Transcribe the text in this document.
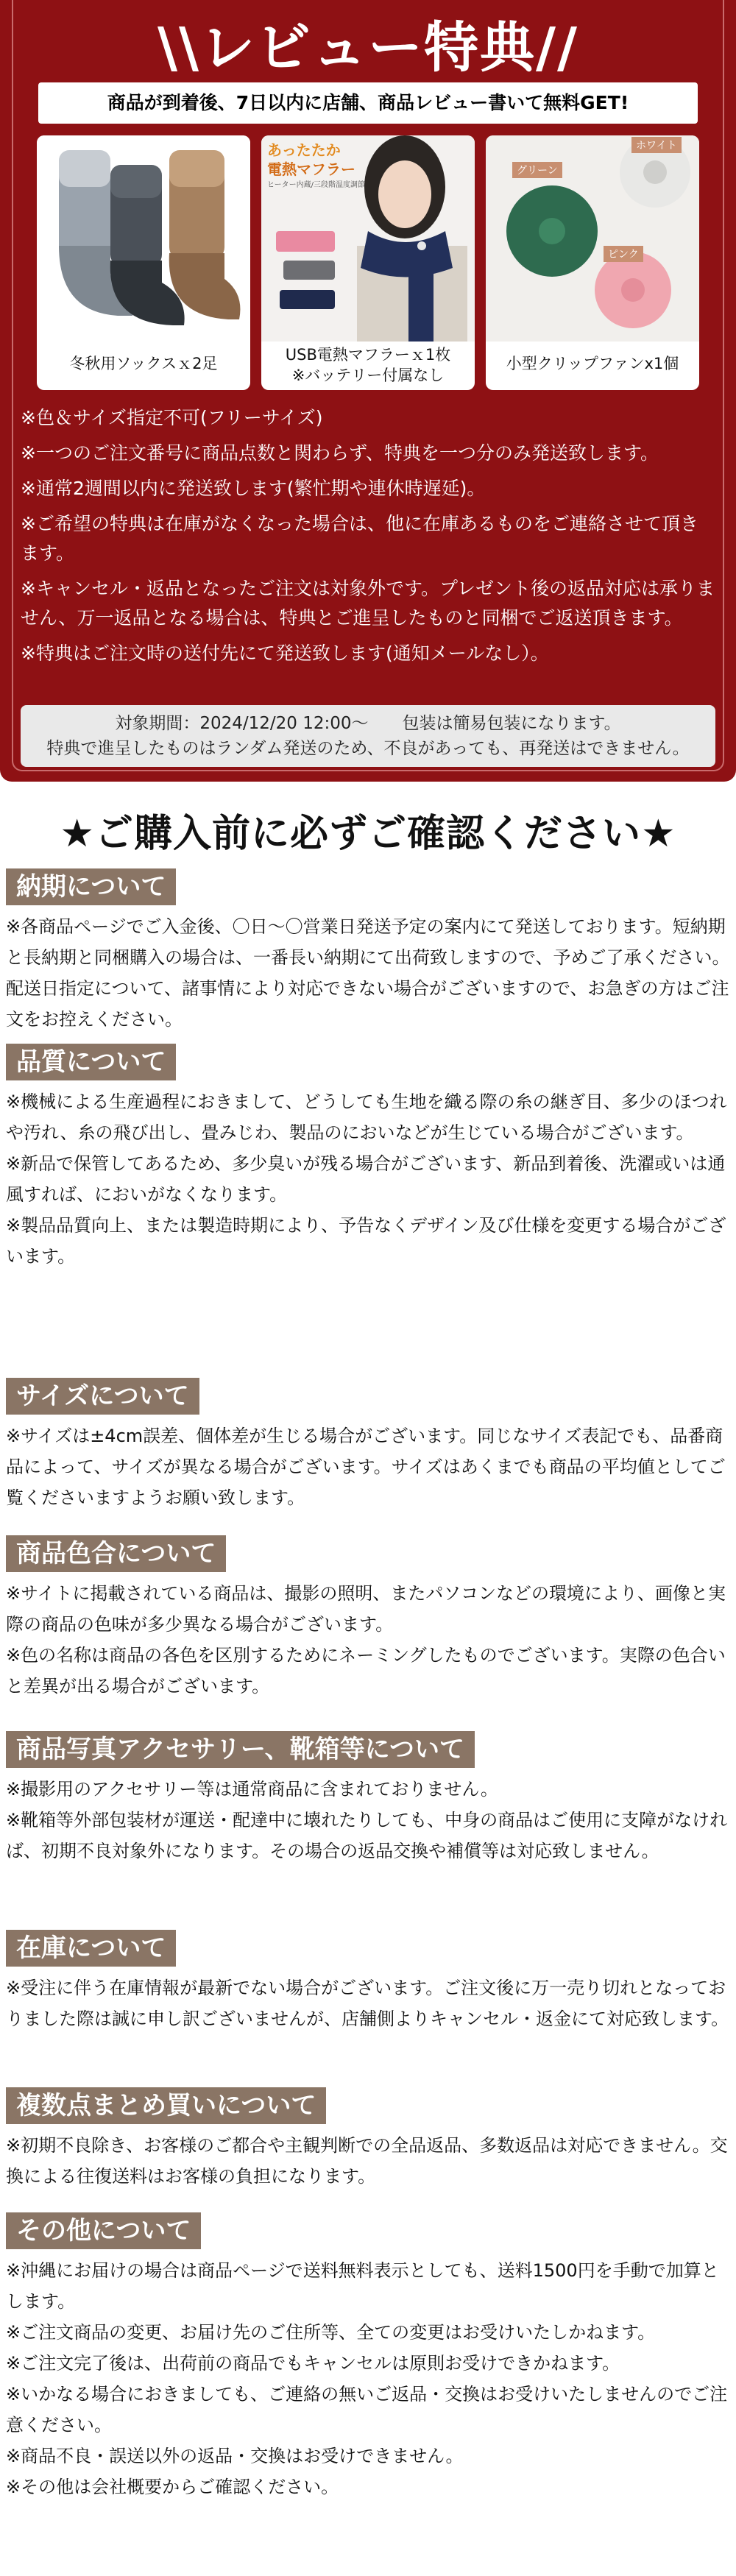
\\レビュー特典//
商品が到着後、7日以内に店舗、商品レビュー書いて無料GET!
冬秋用ソックスｘ2足
あったたか
電熱マフラー
ヒーター内蔵/三段階温度調節
USB電熱マフラーｘ1枚
※バッテリー付属なし
ホワイト
グリーン
ピンク
小型クリップファンx1個

※色＆サイズ指定不可(フリーサイズ)

※一つのご注文番号に商品点数と関わらず、特典を一つ分のみ発送致します。

※通常2週間以内に発送致します(繁忙期や連休時遅延)。

※ご希望の特典は在庫がなくなった場合は、他に在庫あるものをご連絡させて頂きます。

※キャンセル・返品となったご注文は対象外です。プレゼント後の返品対応は承りません、万一返品となる場合は、特典とご進呈したものと同梱でご返送頂きます。

※特典はご注文時の送付先にて発送致します(通知メールなし）。

対象期間：2024/12/20 12:00～　　包装は簡易包装になります。
特典で進呈したものはランダム発送のため、不良があっても、再発送はできません。
★ご購入前に必ずご確認ください★
納期について

※各商品ページでご入金後、〇日～〇営業日発送予定の案内にて発送しております。短納期と長納期と同梱購入の場合は、一番長い納期にて出荷致しますので、予めご了承ください。配送日指定について、諸事情により対応できない場合がございますので、お急ぎの方はご注文をお控えください。

品質について

※機械による生産過程におきまして、どうしても生地を織る際の糸の継ぎ目、多少のほつれや汚れ、糸の飛び出し、畳みじわ、製品のにおいなどが生じている場合がございます。

※新品で保管してあるため、多少臭いが残る場合がございます、新品到着後、洗濯或いは通風すれば、においがなくなります。

※製品品質向上、または製造時期により、予告なくデザイン及び仕様を変更する場合がございます。

サイズについて

※サイズは±4cm誤差、個体差が生じる場合がございます。同じなサイズ表記でも、品番商品によって、サイズが異なる場合がございます。サイズはあくまでも商品の平均値としてご覧くださいますようお願い致します。

商品色合について

※サイトに掲載されている商品は、撮影の照明、またパソコンなどの環境により、画像と実際の商品の色味が多少異なる場合がございます。

※色の名称は商品の各色を区別するためにネーミングしたものでございます。実際の色合いと差異が出る場合がございます。

商品写真アクセサリー、靴箱等について

※撮影用のアクセサリー等は通常商品に含まれておりません。

※靴箱等外部包装材が運送・配達中に壊れたりしても、中身の商品はご使用に支障がなければ、初期不良対象外になります。その場合の返品交換や補償等は対応致しません。

在庫について

※受注に伴う在庫情報が最新でない場合がございます。ご注文後に万一売り切れとなっておりました際は誠に申し訳ございませんが、店舗側よりキャンセル・返金にて対応致します。

複数点まとめ買いについて

※初期不良除き、お客様のご都合や主観判断での全品返品、多数返品は対応できません。交換による往復送料はお客様の負担になります。

その他について

※沖縄にお届けの場合は商品ページで送料無料表示としても、送料1500円を手動で加算とします。

※ご注文商品の変更、お届け先のご住所等、全ての変更はお受けいたしかねます。

※ご注文完了後は、出荷前の商品でもキャンセルは原則お受けできかねます。

※いかなる場合におきましても、ご連絡の無いご返品・交換はお受けいたしませんのでご注意ください。

※商品不良・誤送以外の返品・交換はお受けできません。

※その他は会社概要からご確認ください。
